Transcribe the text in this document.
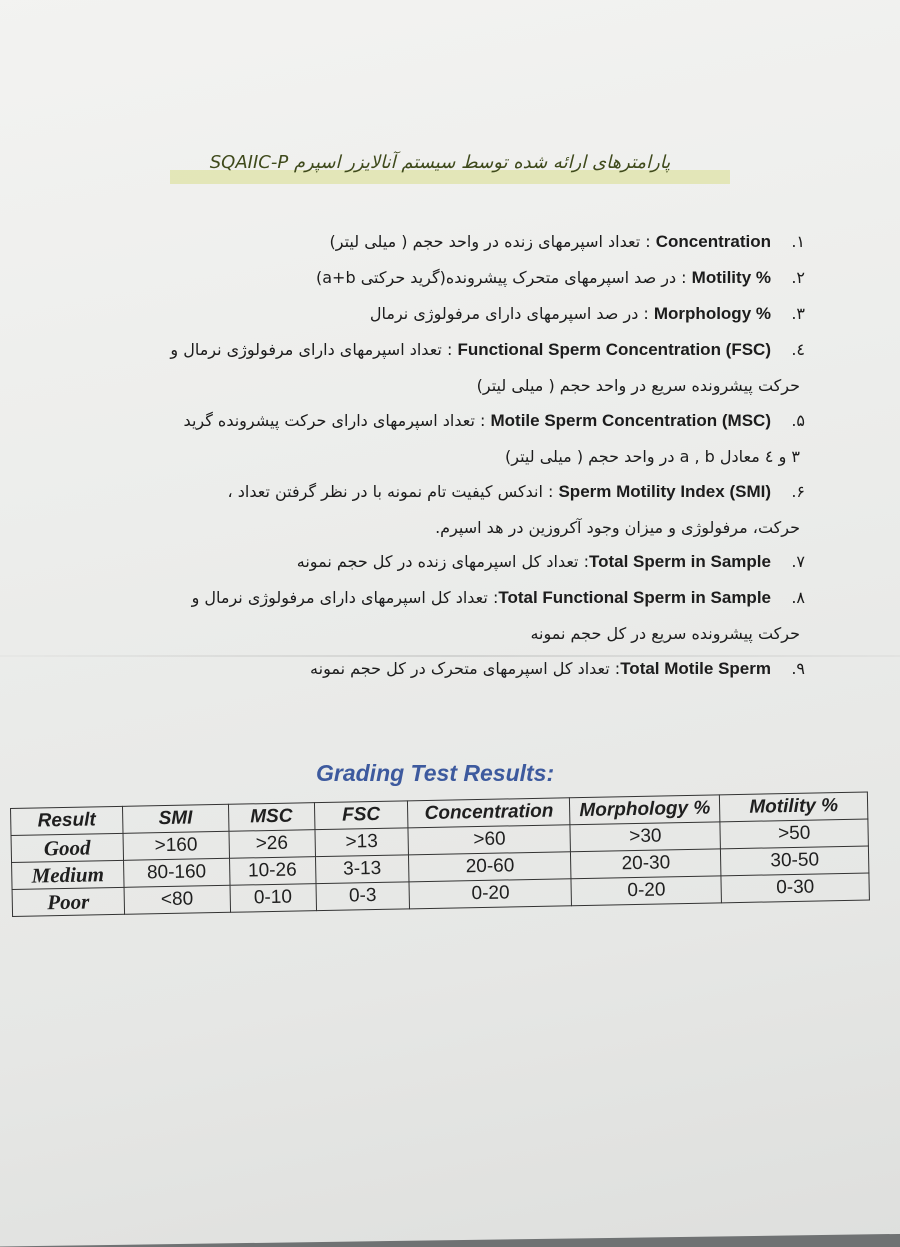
پارامترهای ارائه شده توسط سیستم آنالایزر اسپرم SQAIIC-P
۱.Concentration : تعداد اسپرمهای زنده در واحد حجم ( میلی لیتر)
۲.% Motility : در صد اسپرمهای متحرک پیشرونده(گرید حرکتی a+b)
۳.% Morphology : در صد اسپرمهای دارای مرفولوژی نرمال
٤.Functional Sperm Concentration (FSC) : تعداد اسپرمهای دارای مرفولوژی نرمال و
حرکت پیشرونده سریع در واحد حجم ( میلی لیتر)
۵.Motile Sperm Concentration (MSC) : تعداد اسپرمهای دارای حرکت پیشرونده گرید
۳ و ٤ معادل a , b در واحد حجم ( میلی لیتر)
۶.Sperm Motility Index (SMI) : اندکس کیفیت تام نمونه با در نظر گرفتن تعداد ،
حرکت، مرفولوژی و میزان وجود آکروزین در هد اسپرم.
۷.Total Sperm in Sample: تعداد کل اسپرمهای زنده در کل حجم نمونه
۸.Total Functional Sperm in Sample: تعداد کل اسپرمهای دارای مرفولوژی نرمال و
حرکت پیشرونده سریع در کل حجم نمونه
۹.Total Motile Sperm: تعداد کل اسپرمهای متحرک در کل حجم نمونه
Grading Test Results:
Result	SMI	MSC	FSC	Concentration	Morphology %	Motility %
Good	>160	>26	>13	>60	>30	>50
Medium	80-160	10-26	3-13	20-60	20-30	30-50
Poor	<80	0-10	0-3	0-20	0-20	0-30
